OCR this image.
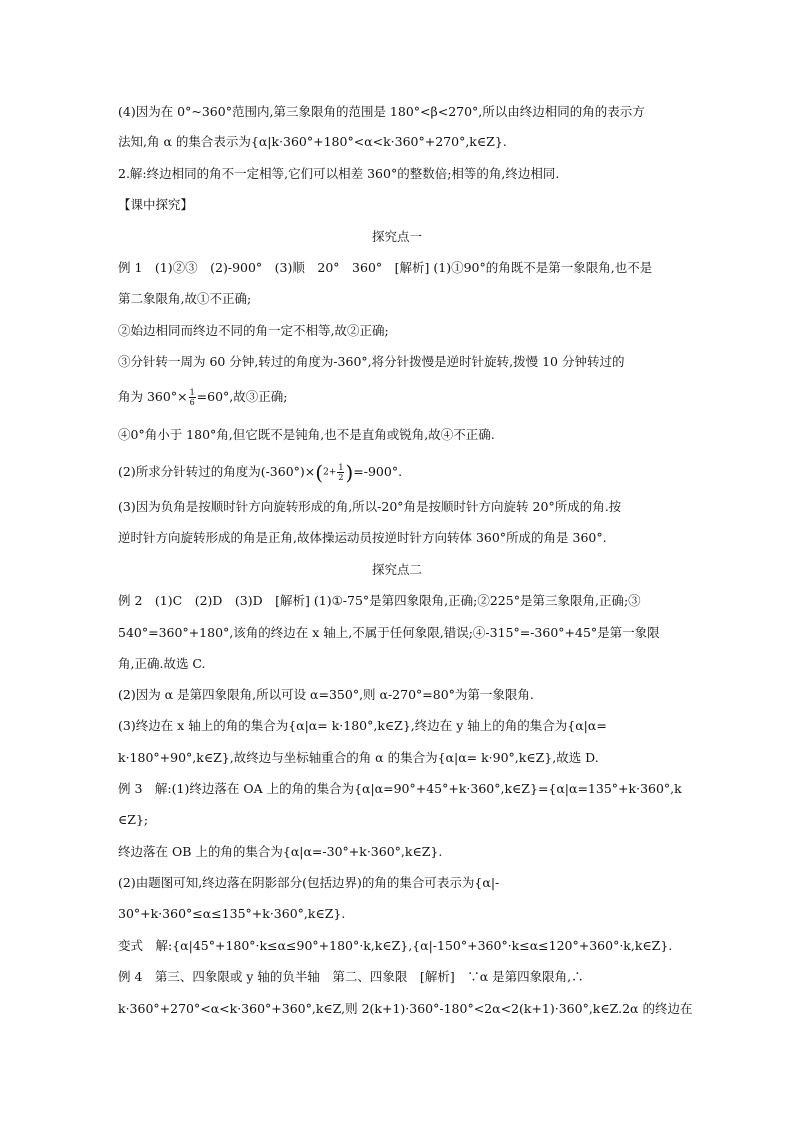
(4)因为在 0°~360°范围内,第三象限角的范围是 180°<β<270°,所以由终边相同的角的表示方
法知,角 α 的集合表示为{α|k·360°+180°<α<k·360°+270°,k∈Z}.
2.解:终边相同的角不一定相等,它们可以相差 360°的整数倍;相等的角,终边相同.
【课中探究】
探究点一
例 1　(1)②③　(2)-900°　(3)顺　20°　360°　[解析] (1)①90°的角既不是第一象限角,也不是
第二象限角,故①不正确;
②始边相同而终边不同的角一定不相等,故②正确;
③分针转一周为 60 分钟,转过的角度为-360°,将分针拨慢是逆时针旋转,拨慢 10 分钟转过的
角为 $360^\circ\times \frac{1}{6} =60^\circ$,故③正确;
④0°角小于 180°角,但它既不是钝角,也不是直角或锐角,故④不正确.
(2)所求分针转过的角度为$(-360^\circ)\times(2+ \frac{1}{2} )=-900^\circ$.
(3)因为负角是按顺时针方向旋转形成的角,所以-20°角是按顺时针方向旋转 20°所成的角.按
逆时针方向旋转形成的角是正角,故体操运动员按逆时针方向转体 360°所成的角是 360°.
探究点二
例 2　(1)C　(2)D　(3)D　[解析] (1)①-75°是第四象限角,正确;②225°是第三象限角,正确;③
540°=360°+180°,该角的终边在 x 轴上,不属于任何象限,错误;④-315°=-360°+45°是第一象限
角,正确.故选 C.
(2)因为 α 是第四象限角,所以可设 α=350°,则 α-270°=80°为第一象限角.
(3)终边在 x 轴上的角的集合为{α|α= k·180°,k∈Z},终边在 y 轴上的角的集合为{α|α=
k·180°+90°,k∈Z},故终边与坐标轴重合的角 α 的集合为{α|α= k·90°,k∈Z},故选 D.
例 3　解:(1)终边落在 OA 上的角的集合为{α|α=90°+45°+k·360°,k∈Z}={α|α=135°+k·360°,k
∈Z};
终边落在 OB 上的角的集合为{α|α=-30°+k·360°,k∈Z}.
(2)由题图可知,终边落在阴影部分(包括边界)的角的集合可表示为{α|-
30°+k·360°≤α≤135°+k·360°,k∈Z}.
变式　解:{α|45°+180°·k≤α≤90°+180°·k,k∈Z},{α|-150°+360°·k≤α≤120°+360°·k,k∈Z}.
例 4　第三、四象限或 y 轴的负半轴　第二、四象限　[解析]　∵α 是第四象限角,∴
k·360°+270°<α<k·360°+360°,k∈Z,则 2(k+1)·360°-180°<2α<2(k+1)·360°,k∈Z.2α 的终边在
